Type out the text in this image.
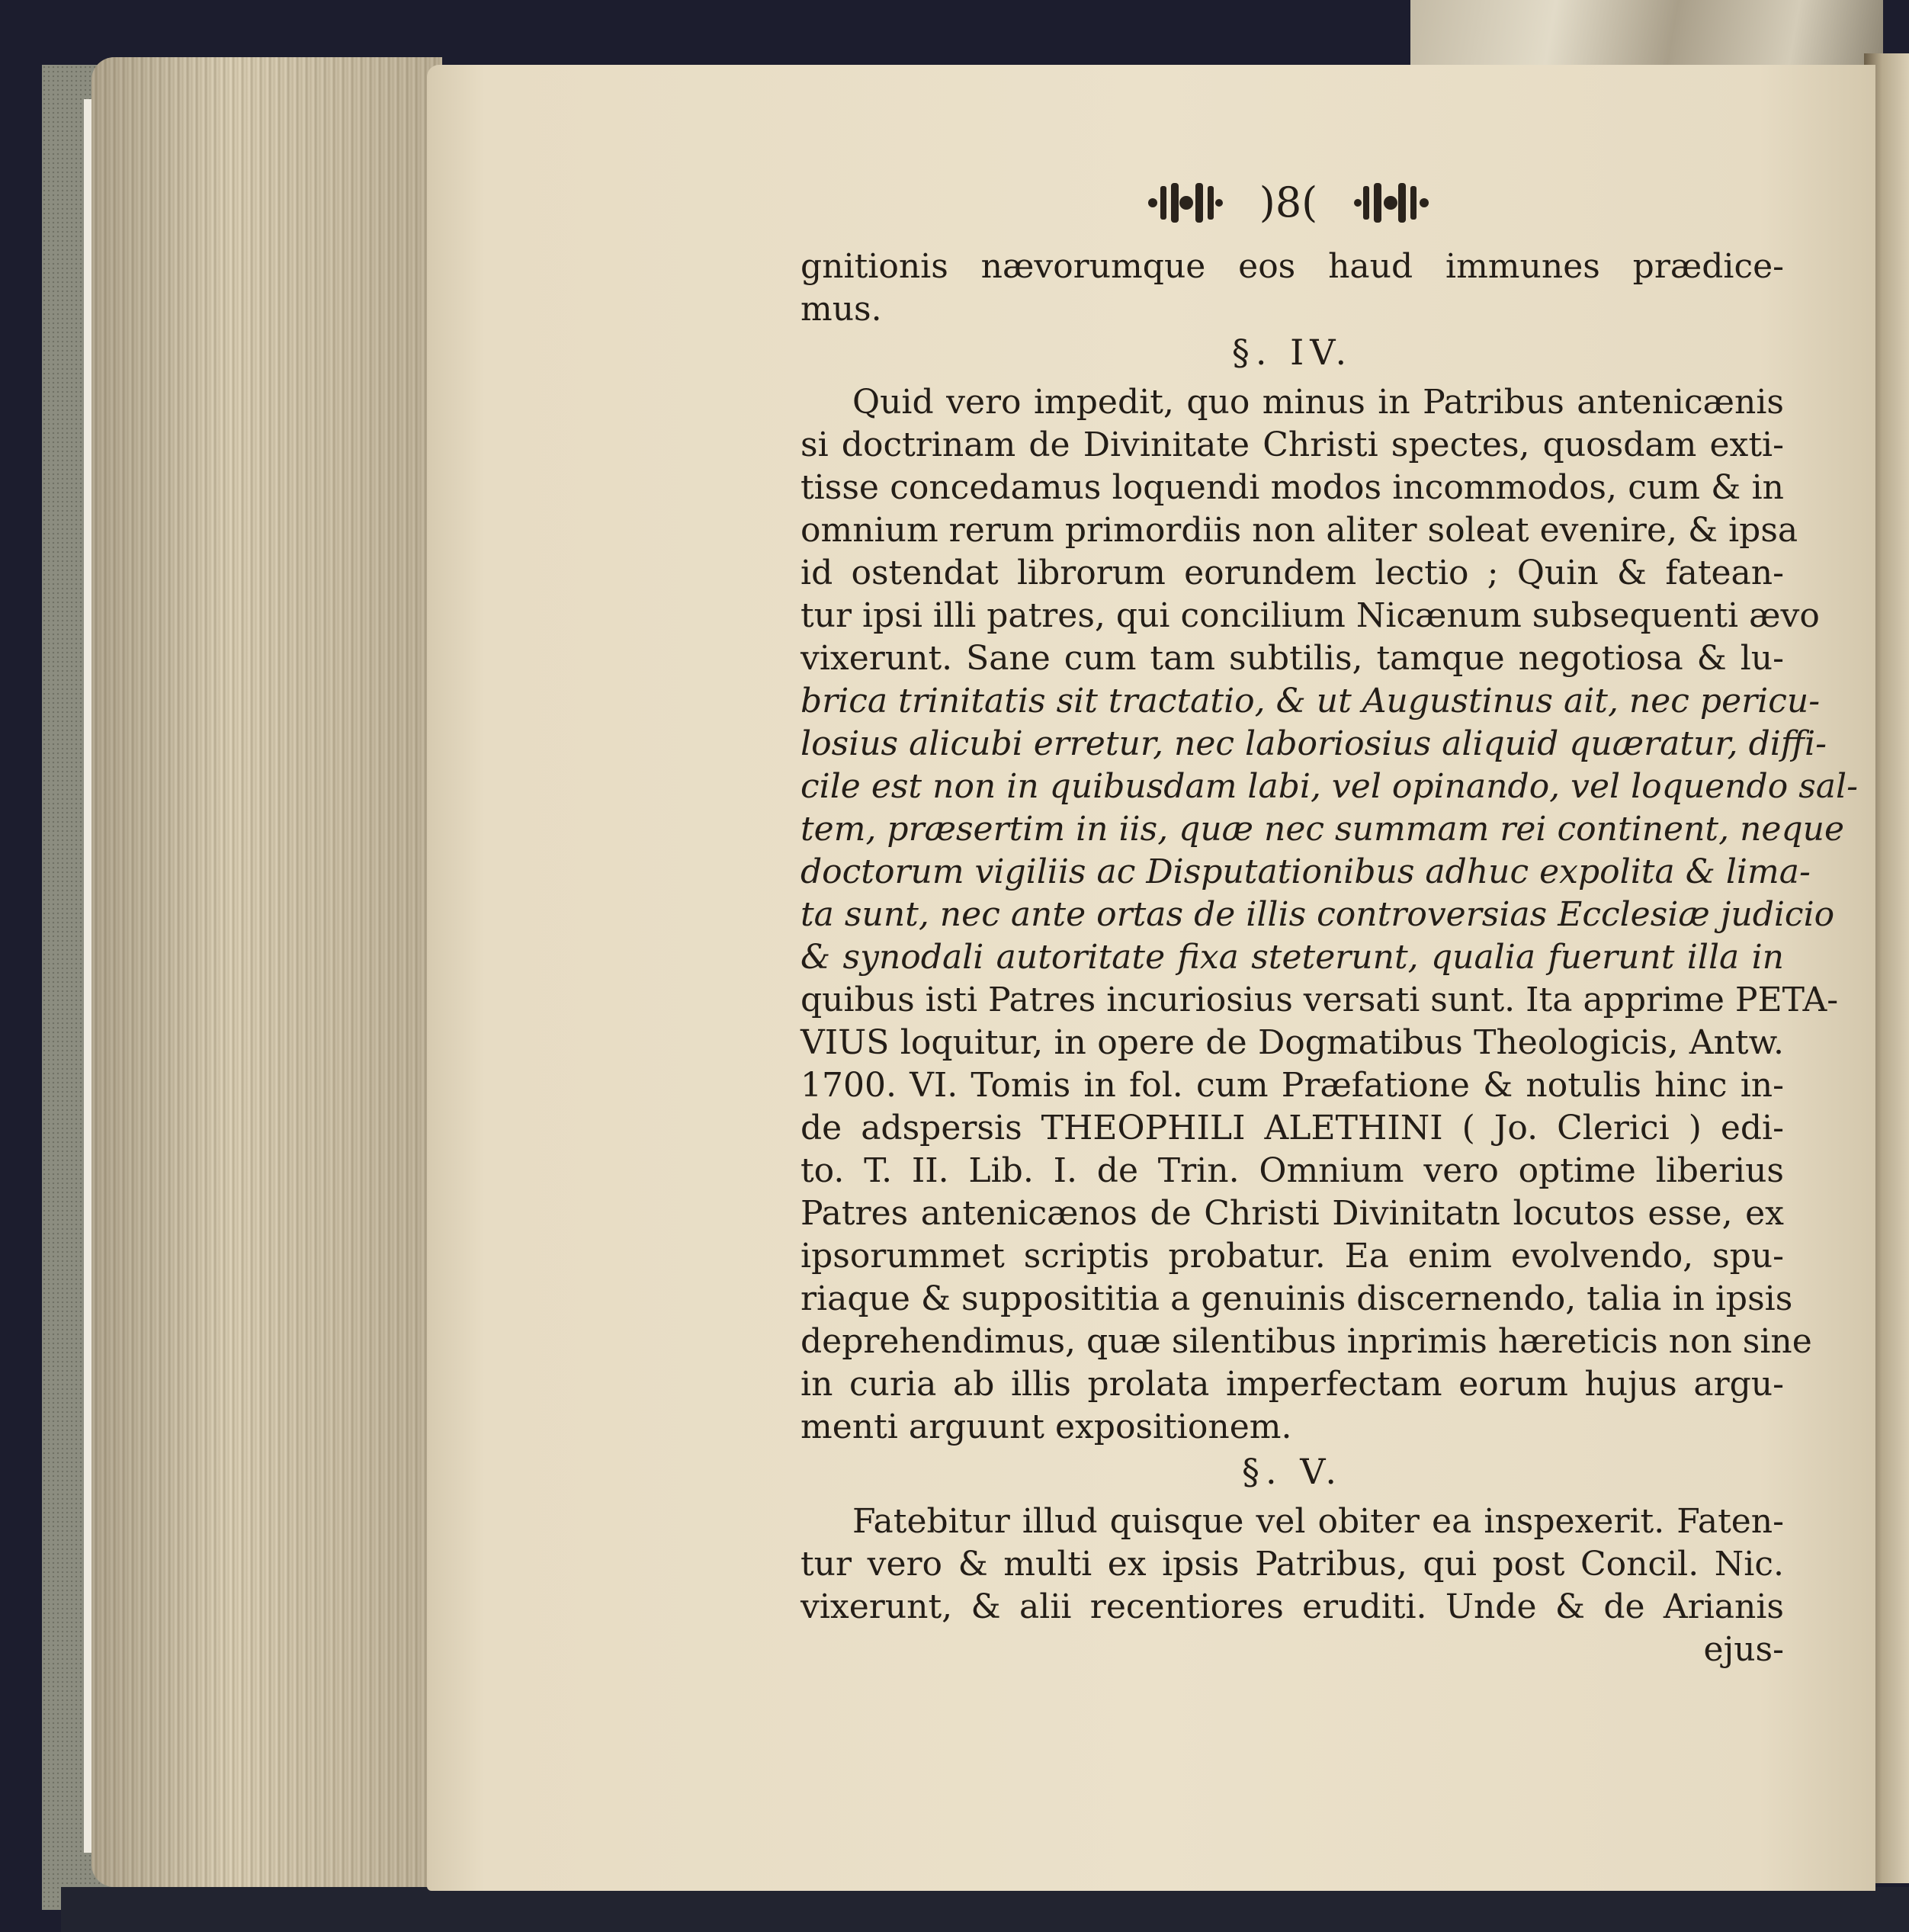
)8(
gnitionis nævorumque eos haud immunes prædice-
mus.
§. IV.
Quid vero impedit, quo minus in Patribus antenicænis
si doctrinam de Divinitate Christi spectes, quosdam exti-
tisse concedamus loquendi modos incommodos, cum & in
omnium rerum primordiis non aliter soleat evenire, & ipsa
id ostendat librorum eorundem lectio ; Quin & fatean-
tur ipsi illi patres, qui concilium Nicænum subsequenti ævo
vixerunt. Sane cum tam subtilis, tamque negotiosa & lu-
brica trinitatis sit tractatio, & ut Augustinus ait, nec pericu-
losius alicubi erretur, nec laboriosius aliquid quæratur, diffi-
cile est non in quibusdam labi, vel opinando, vel loquendo sal-
tem, præsertim in iis, quæ nec summam rei continent, neque
doctorum vigiliis ac Disputationibus adhuc expolita & lima-
ta sunt, nec ante ortas de illis controversias Ecclesiæ judicio
& synodali autoritate fixa steterunt, qualia fuerunt illa in
quibus isti Patres incuriosius versati sunt. Ita apprime PETA-
VIUS loquitur, in opere de Dogmatibus Theologicis, Antw.
1700. VI. Tomis in fol. cum Præfatione & notulis hinc in-
de adspersis THEOPHILI ALETHINI ( Jo. Clerici ) edi-
to. T. II. Lib. I. de Trin. Omnium vero optime liberius
Patres antenicænos de Christi Divinitatn locutos esse, ex
ipsorummet scriptis probatur. Ea enim evolvendo, spu-
riaque & supposititia a genuinis discernendo, talia in ipsis
deprehendimus, quæ silentibus inprimis hæreticis non sine
in curia ab illis prolata imperfectam eorum hujus argu-
menti arguunt expositionem.
§. V.
Fatebitur illud quisque vel obiter ea inspexerit. Faten-
tur vero & multi ex ipsis Patribus, qui post Concil. Nic.
vixerunt, & alii recentiores eruditi. Unde & de Arianis
ejus-
